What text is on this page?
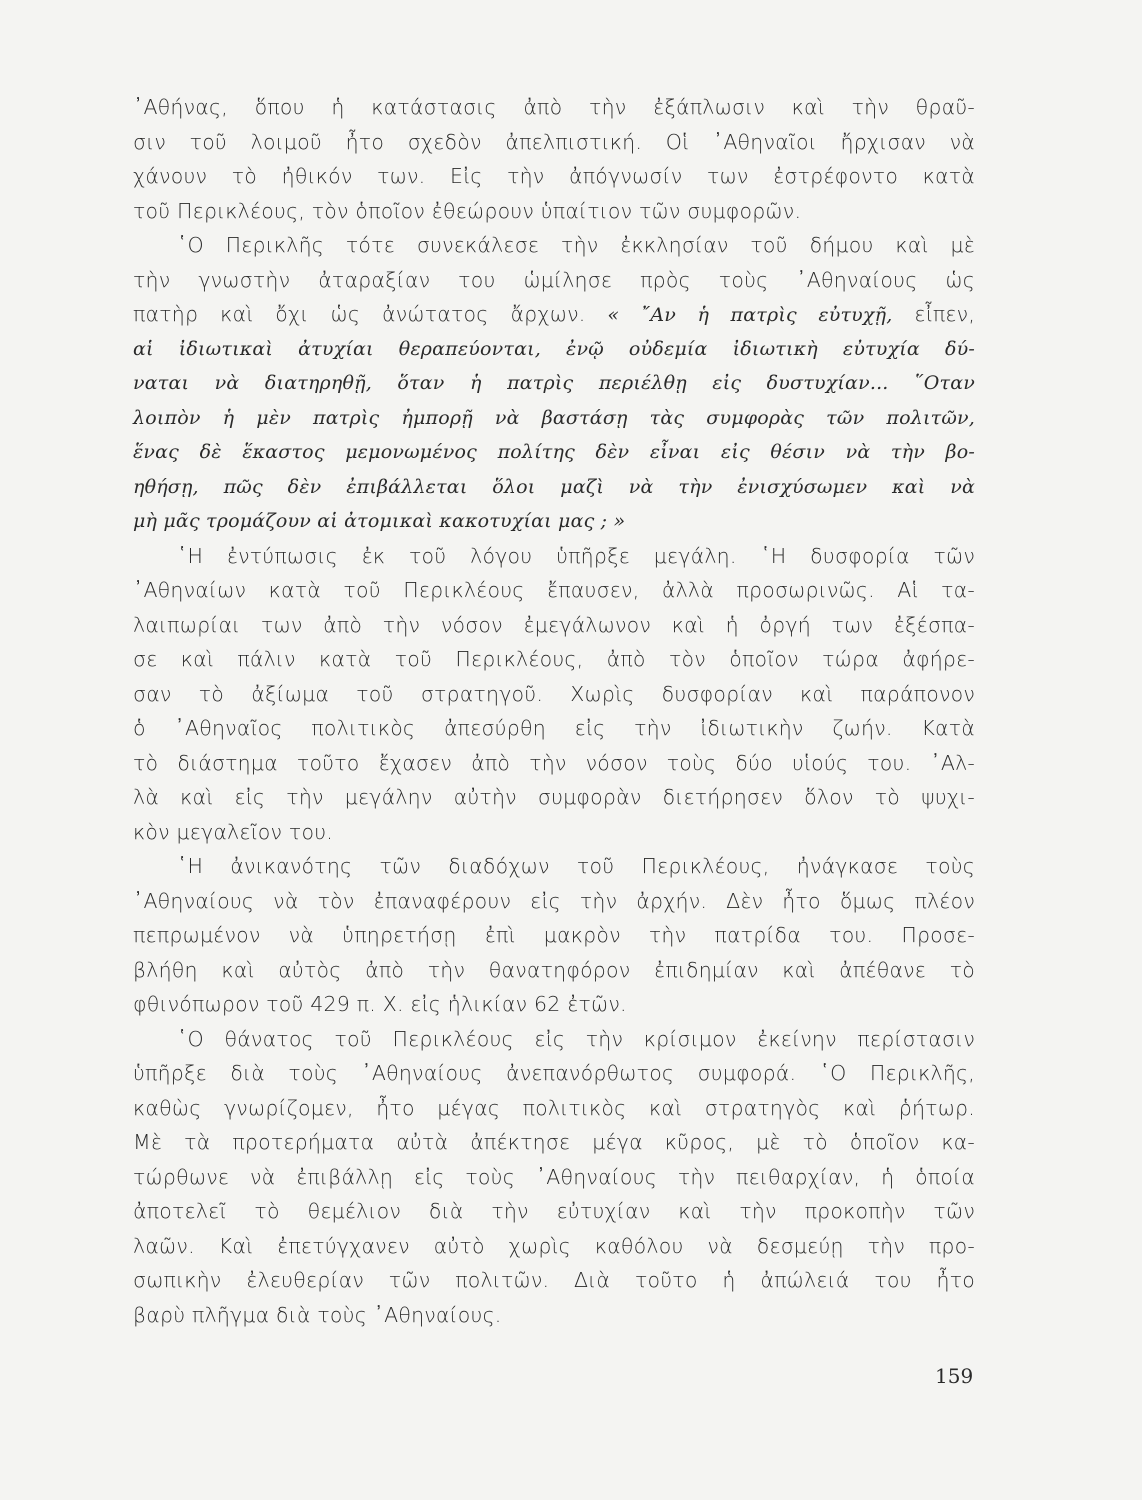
᾿Αθήνας, ὅπου ἡ κατάστασις ἀπὸ τὴν ἐξάπλωσιν καὶ τὴν θραῦ-
σιν τοῦ λοιμοῦ ἦτο σχεδὸν ἀπελπιστική. Οἱ ᾿Αθηναῖοι ἤρχισαν νὰ
χάνουν τὸ ἠθικόν των. Εἰς τὴν ἀπόγνωσίν των ἐστρέφοντο κατὰ
τοῦ Περικλέους, τὸν ὁποῖον ἐθεώρουν ὑπαίτιον τῶν συμφορῶν.
῾Ο Περικλῆς τότε συνεκάλεσε τὴν ἐκκλησίαν τοῦ δήμου καὶ μὲ
τὴν γνωστὴν ἀταραξίαν του ὡμίλησε πρὸς τοὺς ᾿Αθηναίους ὡς
πατὴρ καὶ ὄχι ὡς ἀνώτατος ἄρχων. « ῎Αν ἡ πατρὶς εὐτυχῇ, εἶπεν,
αἱ ἰδιωτικαὶ ἀτυχίαι θεραπεύονται, ἐνῷ οὐδεμία ἰδιωτικὴ εὐτυχία δύ-
ναται νὰ διατηρηθῇ, ὅταν ἡ πατρὶς περιέλθῃ εἰς δυστυχίαν... ῞Οταν
λοιπὸν ἡ μὲν πατρὶς ἠμπορῇ νὰ βαστάσῃ τὰς συμφορὰς τῶν πολιτῶν,
ἕνας δὲ ἕκαστος μεμονωμένος πολίτης δὲν εἶναι εἰς θέσιν νὰ τὴν βο-
ηθήσῃ, πῶς δὲν ἐπιβάλλεται ὅλοι μαζὶ νὰ τὴν ἐνισχύσωμεν καὶ νὰ
μὴ μᾶς τρομάζουν αἱ ἀτομικαὶ κακοτυχίαι μας ; »
῾Η ἐντύπωσις ἐκ τοῦ λόγου ὑπῆρξε μεγάλη. ῾Η δυσφορία τῶν
᾿Αθηναίων κατὰ τοῦ Περικλέους ἔπαυσεν, ἀλλὰ προσωρινῶς. Αἱ τα-
λαιπωρίαι των ἀπὸ τὴν νόσον ἐμεγάλωνον καὶ ἡ ὀργή των ἐξέσπα-
σε καὶ πάλιν κατὰ τοῦ Περικλέους, ἀπὸ τὸν ὁποῖον τώρα ἀφήρε-
σαν τὸ ἀξίωμα τοῦ στρατηγοῦ. Χωρὶς δυσφορίαν καὶ παράπονον
ὁ ᾿Αθηναῖος πολιτικὸς ἀπεσύρθη εἰς τὴν ἰδιωτικὴν ζωήν. Κατὰ
τὸ διάστημα τοῦτο ἔχασεν ἀπὸ τὴν νόσον τοὺς δύο υἱούς του. ᾿Αλ-
λὰ καὶ εἰς τὴν μεγάλην αὐτὴν συμφορὰν διετήρησεν ὅλον τὸ ψυχι-
κὸν μεγαλεῖον του.
῾Η ἀνικανότης τῶν διαδόχων τοῦ Περικλέους, ἠνάγκασε τοὺς
᾿Αθηναίους νὰ τὸν ἐπαναφέρουν εἰς τὴν ἀρχήν. Δὲν ἦτο ὅμως πλέον
πεπρωμένον νὰ ὑπηρετήσῃ ἐπὶ μακρὸν τὴν πατρίδα του. Προσε-
βλήθη καὶ αὐτὸς ἀπὸ τὴν θανατηφόρον ἐπιδημίαν καὶ ἀπέθανε τὸ
φθινόπωρον τοῦ 429 π. Χ. εἰς ἡλικίαν 62 ἐτῶν.
῾Ο θάνατος τοῦ Περικλέους εἰς τὴν κρίσιμον ἐκείνην περίστασιν
ὑπῆρξε διὰ τοὺς ᾿Αθηναίους ἀνεπανόρθωτος συμφορά. ῾Ο Περικλῆς,
καθὼς γνωρίζομεν, ἦτο μέγας πολιτικὸς καὶ στρατηγὸς καὶ ῥήτωρ.
Μὲ τὰ προτερήματα αὐτὰ ἀπέκτησε μέγα κῦρος, μὲ τὸ ὁποῖον κα-
τώρθωνε νὰ ἐπιβάλλῃ εἰς τοὺς ᾿Αθηναίους τὴν πειθαρχίαν, ἡ ὁποία
ἀποτελεῖ τὸ θεμέλιον διὰ τὴν εὐτυχίαν καὶ τὴν προκοπὴν τῶν
λαῶν. Καὶ ἐπετύγχανεν αὐτὸ χωρὶς καθόλου νὰ δεσμεύῃ τὴν προ-
σωπικὴν ἐλευθερίαν τῶν πολιτῶν. Διὰ τοῦτο ἡ ἀπώλειά του ἦτο
βαρὺ πλῆγμα διὰ τοὺς ᾿Αθηναίους.
159
